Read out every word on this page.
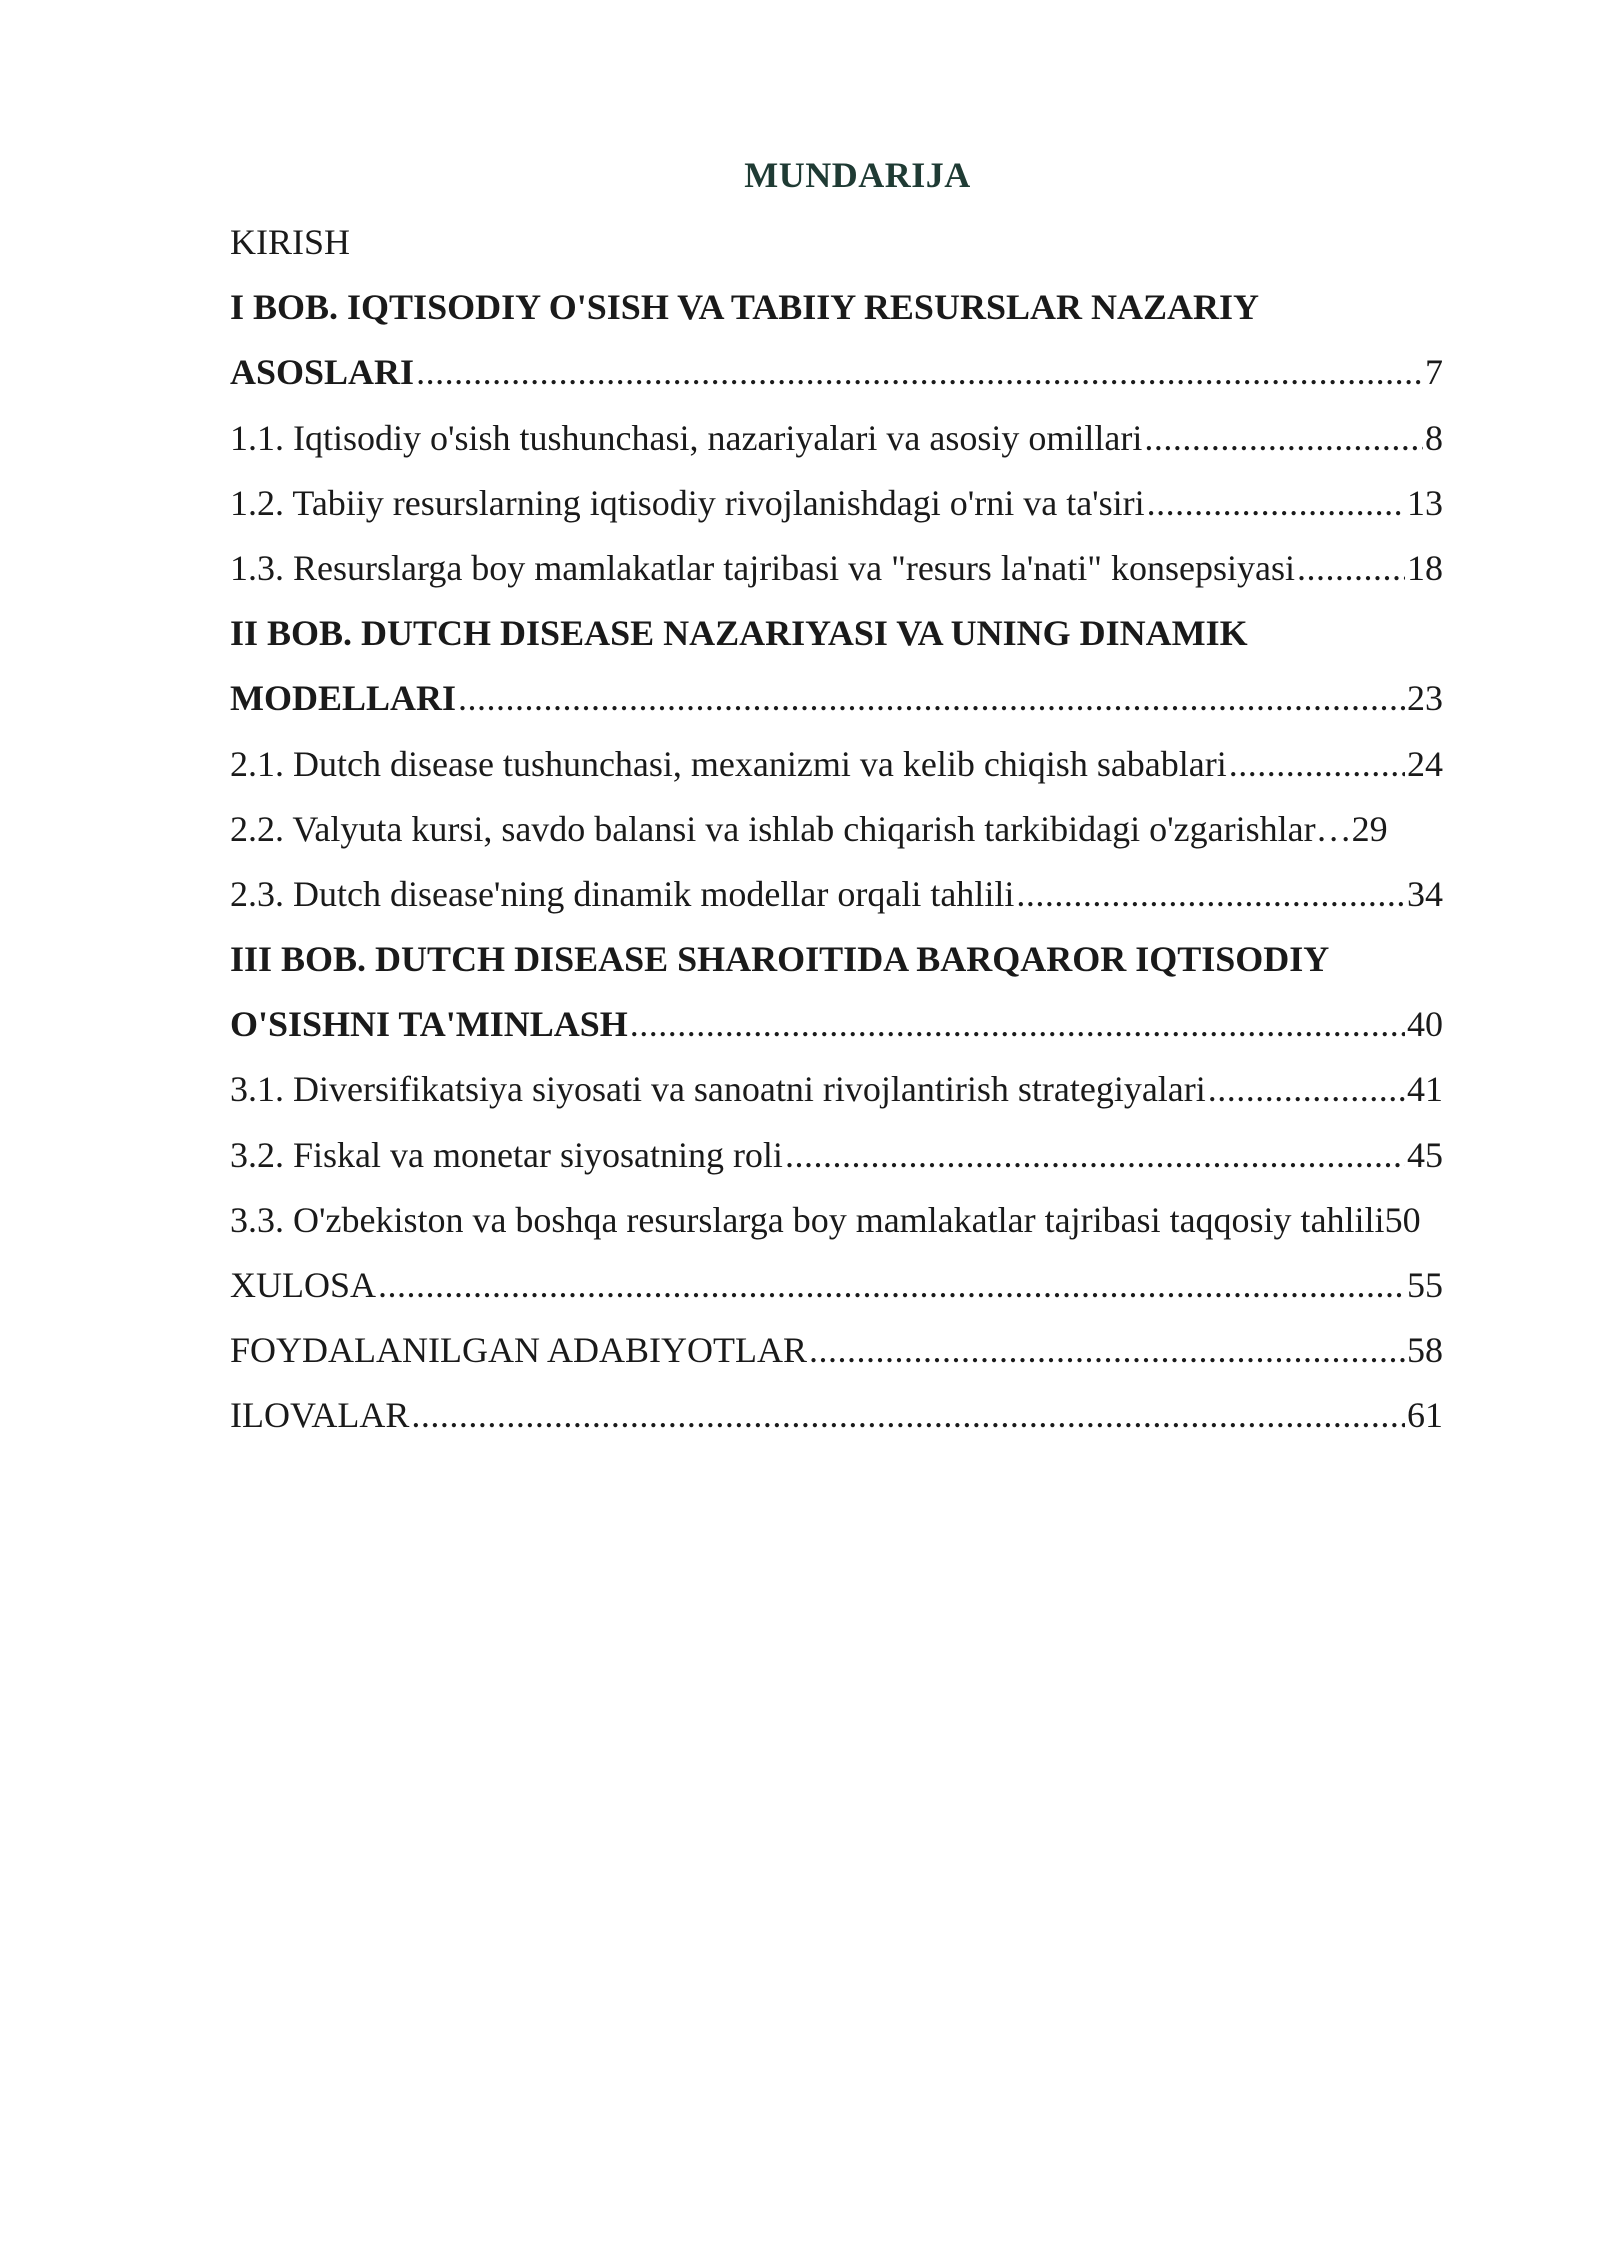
MUNDARIJA
KIRISH
I BOB. IQTISODIY O'SISH VA TABIIY RESURSLAR NAZARIY
ASOSLARI .....	7
1.1. Iqtisodiy o'sish tushunchasi, nazariyalari va asosiy omillari .....	8
1.2. Tabiiy resurslarning iqtisodiy rivojlanishdagi o'rni va ta'siri .....	13
1.3. Resurslarga boy mamlakatlar tajribasi va "resurs la'nati" konsepsiyasi .....	18
II BOB. DUTCH DISEASE NAZARIYASI VA UNING DINAMIK
MODELLARI .....	23
2.1. Dutch disease tushunchasi, mexanizmi va kelib chiqish sabablari .....	24
2.2. Valyuta kursi, savdo balansi va ishlab chiqarish tarkibidagi o'zgarishlar… 29
2.3. Dutch disease'ning dinamik modellar orqali tahlili .....	34
III BOB. DUTCH DISEASE SHAROITIDA BARQAROR IQTISODIY
O'SISHNI TA'MINLASH .....	40
3.1. Diversifikatsiya siyosati va sanoatni rivojlantirish strategiyalari .....	41
3.2. Fiskal va monetar siyosatning roli .....	45
3.3. O'zbekiston va boshqa resurslarga boy mamlakatlar tajribasi taqqosiy tahlili 50
XULOSA .....	55
FOYDALANILGAN ADABIYOTLAR .....	58
ILOVALAR .....	61
